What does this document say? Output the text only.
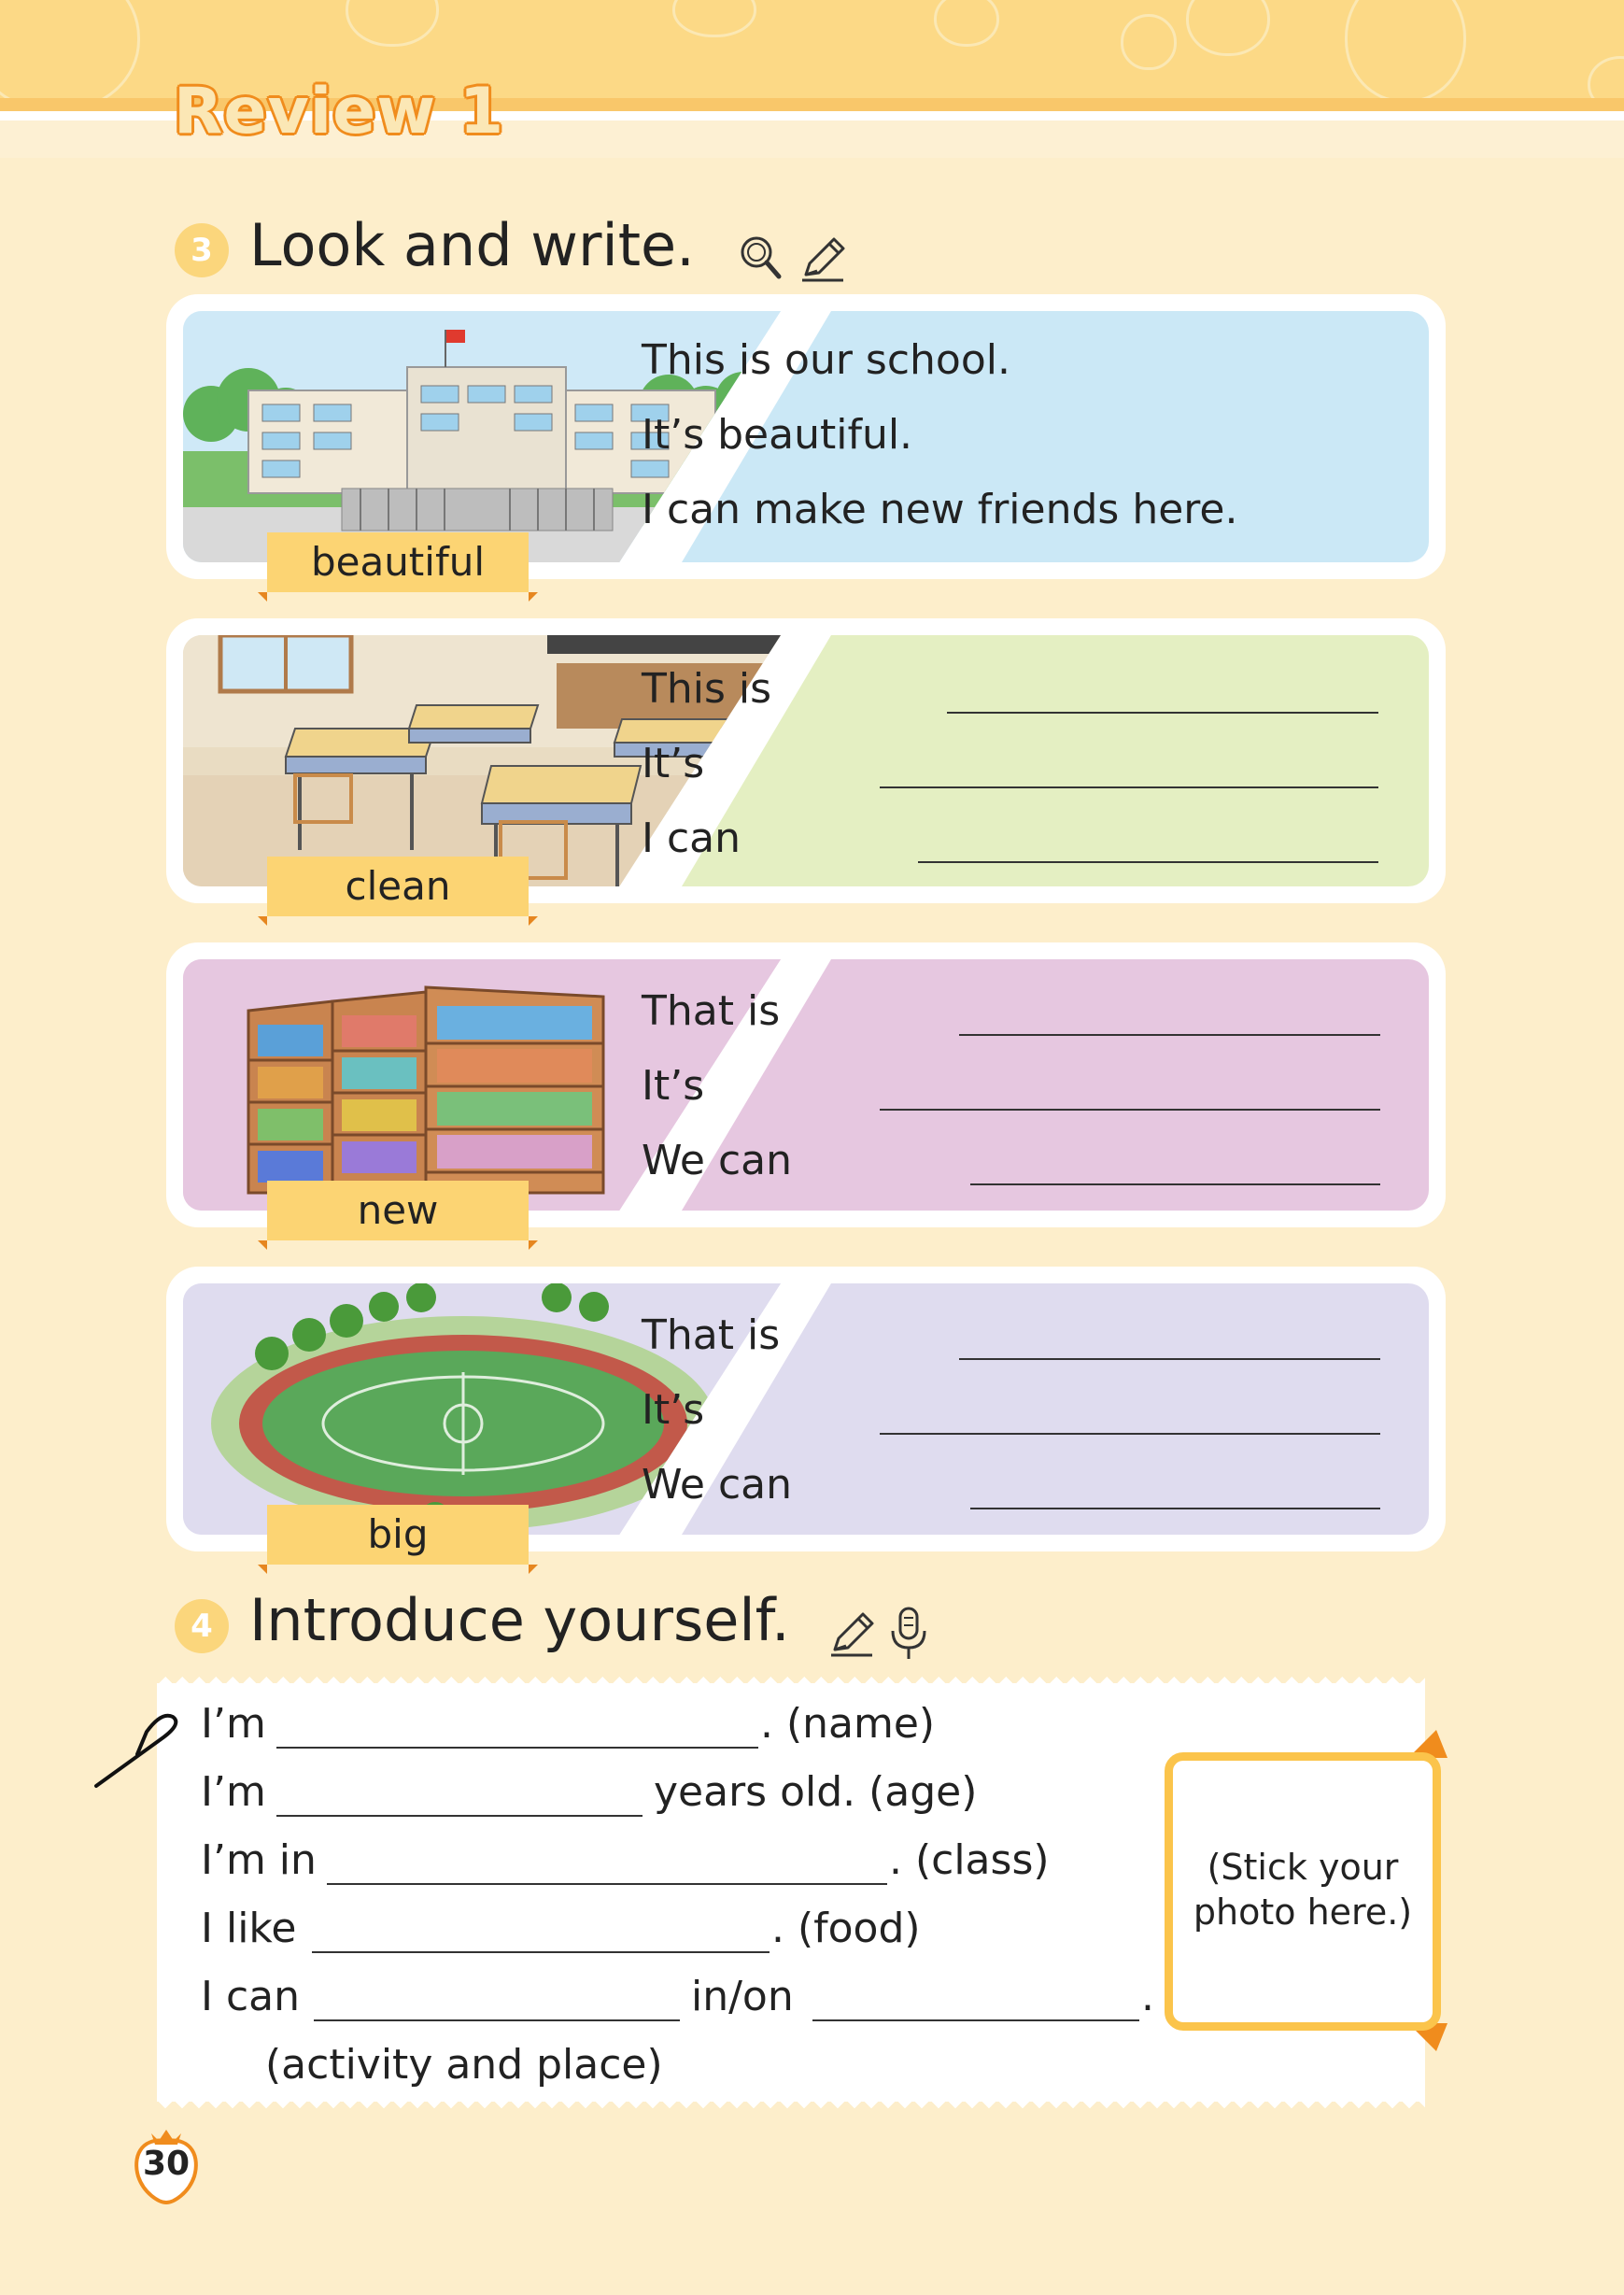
Review 1
3 Look and write.
beautiful
This is our school.
It’s beautiful.
I can make new friends here.
clean
This is
It’s
I can
new
That is
It’s
We can
big
That is
It’s
We can
4 Introduce yourself.
I’m	. (name)
I’m	years old. (age)
I’m in	. (class)
I like	. (food)
I can	in/on	.
(activity and place)
(Stick your
photo here.)
30
